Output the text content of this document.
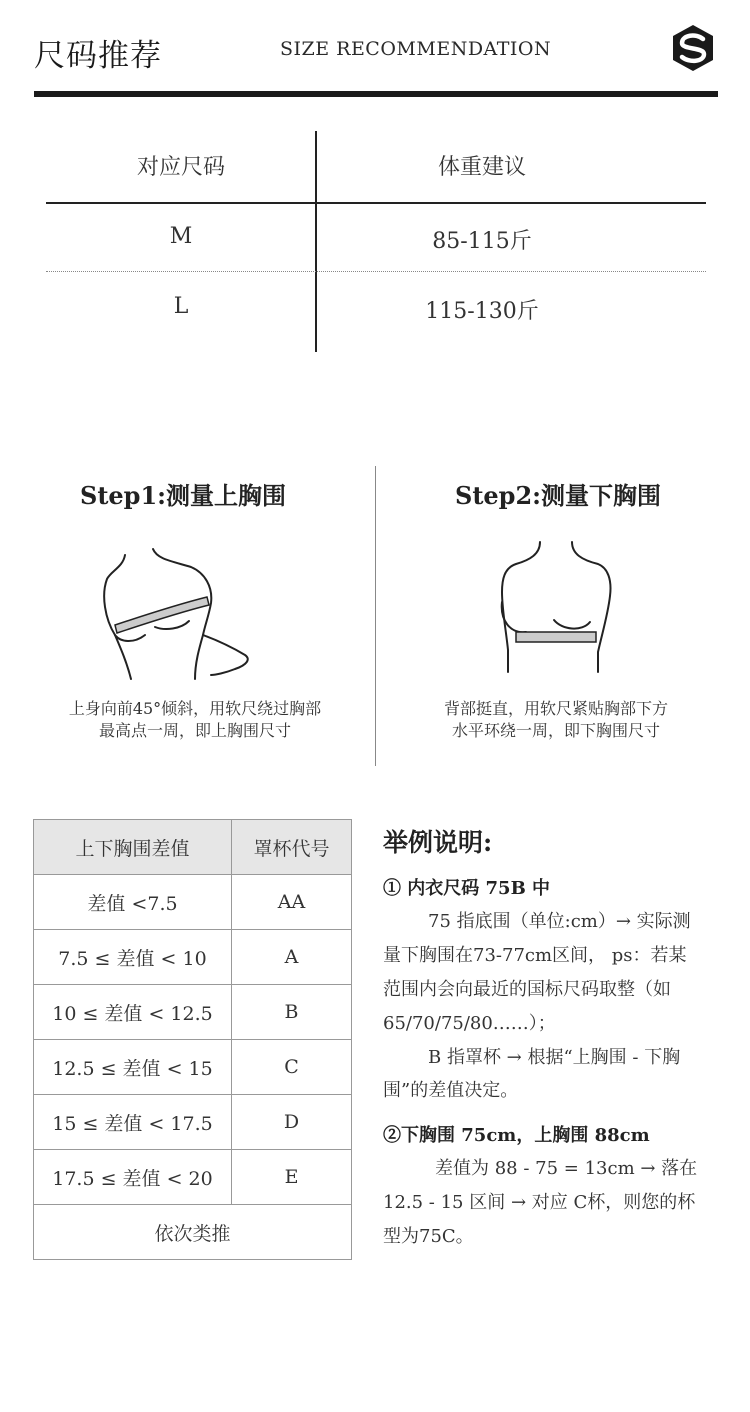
尺码推荐	SIZE RECOMMENDATION
对应尺码	体重建议
M	85-115斤
L	115-130斤
Step1:测量上胸围
上身向前45°倾斜，用软尺绕过胸部
最高点一周，即上胸围尺寸
Step2:测量下胸围
背部挺直，用软尺紧贴胸部下方
水平环绕一周，即下胸围尺寸
上下胸围差值	罩杯代号
差值 <7.5	AA
7.5 ≤ 差值 < 10	A
10 ≤ 差值 < 12.5	B
12.5 ≤ 差值 < 15	C
15 ≤ 差值 < 17.5	D
17.5 ≤ 差值 < 20	E
依次类推	
举例说明:
① 内衣尺码 75B 中
75 指底围（单位:cm）→ 实际测
量下胸围在73-77cm区间， ps：若某
范围内会向最近的国标尺码取整（如
65/70/75/80……）；
B 指罩杯 → 根据“上胸围 - 下胸
围”的差值决定。
②下胸围 75cm，上胸围 88cm
差值为 88 - 75 = 13cm → 落在
12.5 - 15 区间 → 对应 C杯，则您的杯
型为75C。
